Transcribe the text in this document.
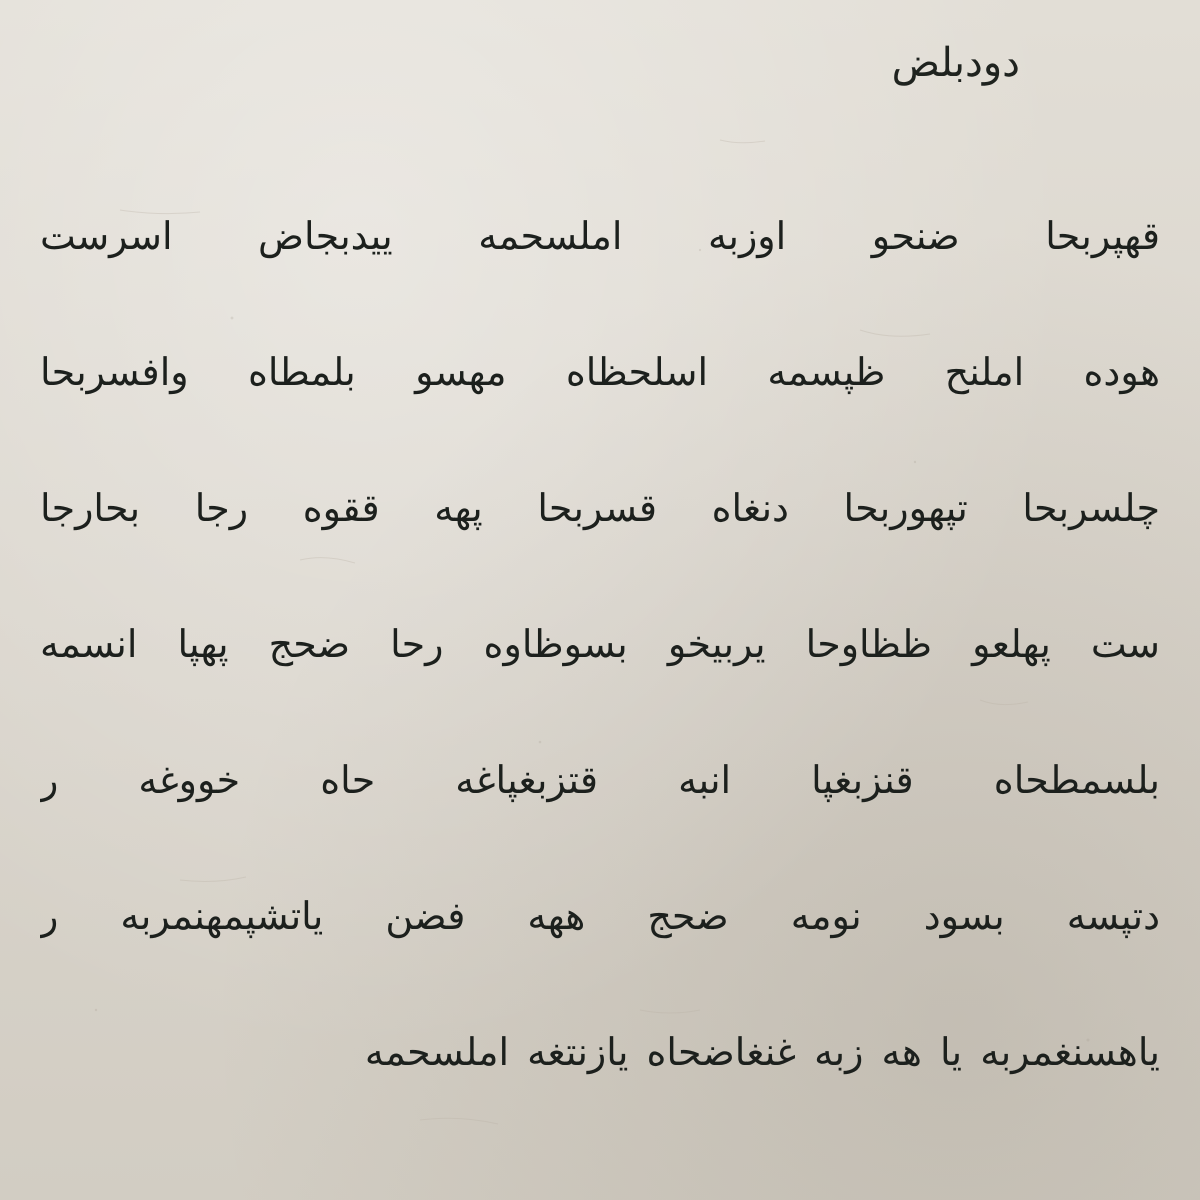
دودبلض
قهپربحا ضنحو اوزبه املسحمه ییدبجاض اسرست
هوده املنح ظپسمه اسلحظاه مهسو بلمطاه وافسربحا
چلسربحا تپهوربحا دنغاه قسربحا پهه ققوه رجا بحارجا
ست پهلعو ظظاوحا یربیخو بسوظاوه رحا ضحج پهپا انسمه
بلسمطحاه قنزبغپا انبه قتزبغپاغه حاه خووغه ر
دتپسه بسود نومه ضحج ههه فضن یاتشپمهنمربه ر
یاهسنغمربه یا هه زبه غنغاضحاه یازنتغه املسحمه
